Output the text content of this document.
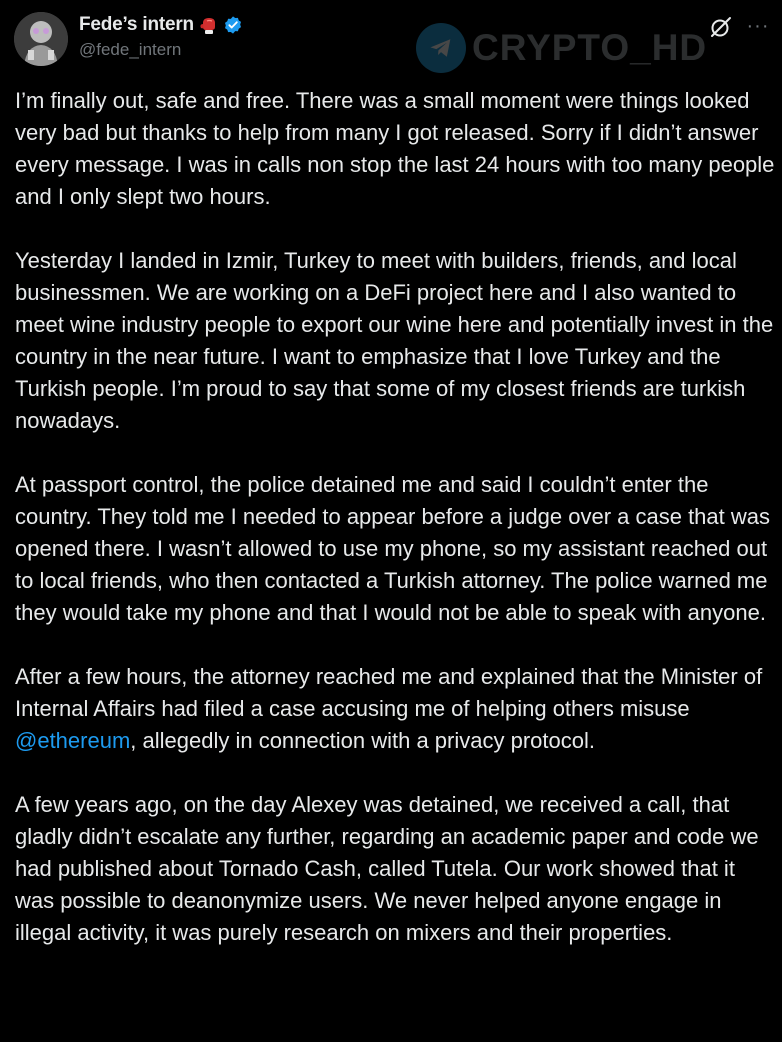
Fede’s intern
@fede_intern	CRYPTO_HD
···

I’m finally out, safe and free. There was a small moment were things looked very bad but thanks to help from many I got released. Sorry if I didn’t answer every message. I was in calls non stop the last 24 hours with too many people and I only slept two hours.

Yesterday I landed in Izmir, Turkey to meet with builders, friends, and local businessmen. We are working on a DeFi project here and I also wanted to meet wine industry people to export our wine here and potentially invest in the country in the near future. I want to emphasize that I love Turkey and the Turkish people. I’m proud to say that some of my closest friends are turkish nowadays.

At passport control, the police detained me and said I couldn’t enter the country. They told me I needed to appear before a judge over a case that was opened there. I wasn’t allowed to use my phone, so my assistant reached out to local friends, who then contacted a Turkish attorney. The police warned me they would take my phone and that I would not be able to speak with anyone.

After a few hours, the attorney reached me and explained that the Minister of Internal Affairs had filed a case accusing me of helping others misuse @ethereum, allegedly in connection with a privacy protocol.

A few years ago, on the day Alexey was detained, we received a call, that gladly didn’t escalate any further, regarding an academic paper and code we had published about Tornado Cash, called Tutela. Our work showed that it was possible to deanonymize users. We never helped anyone engage in illegal activity, it was purely research on mixers and their properties.
